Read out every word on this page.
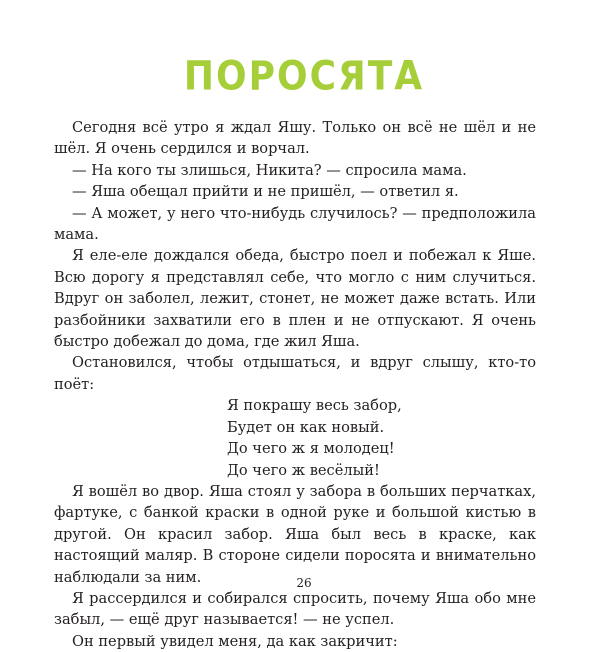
ПОРОСЯТА

Сегодня всё утро я ждал Яшу. Только он всё не шёл и не шёл. Я очень сердился и ворчал.

— На кого ты злишься, Никита? — спросила мама.

— Яша обещал прийти и не пришёл, — ответил я.

— А может, у него что-нибудь случилось? — предположила мама.

Я еле-еле дождался обеда, быстро поел и побежал к Яше. Всю дорогу я представлял себе, что могло с ним случиться. Вдруг он заболел, лежит, стонет, не может даже встать. Или разбойники захватили его в плен и не отпускают. Я очень быстро добежал до дома, где жил Яша.

Остановился, чтобы отдышаться, и вдруг слышу, кто-то поёт:

Я покрашу весь забор,
Будет он как новый.
До чего ж я молодец!
До чего ж весёлый!

Я вошёл во двор. Яша стоял у забора в больших перчатках, фартуке, с банкой краски в одной руке и большой кистью в другой. Он красил забор. Яша был весь в краске, как настоящий маляр. В стороне сидели поросята и внимательно наблюдали за ним.

Я рассердился и собирался спросить, почему Яша обо мне забыл, — ещё друг называется! — не успел.

Он первый увидел меня, да как закричит:

26
